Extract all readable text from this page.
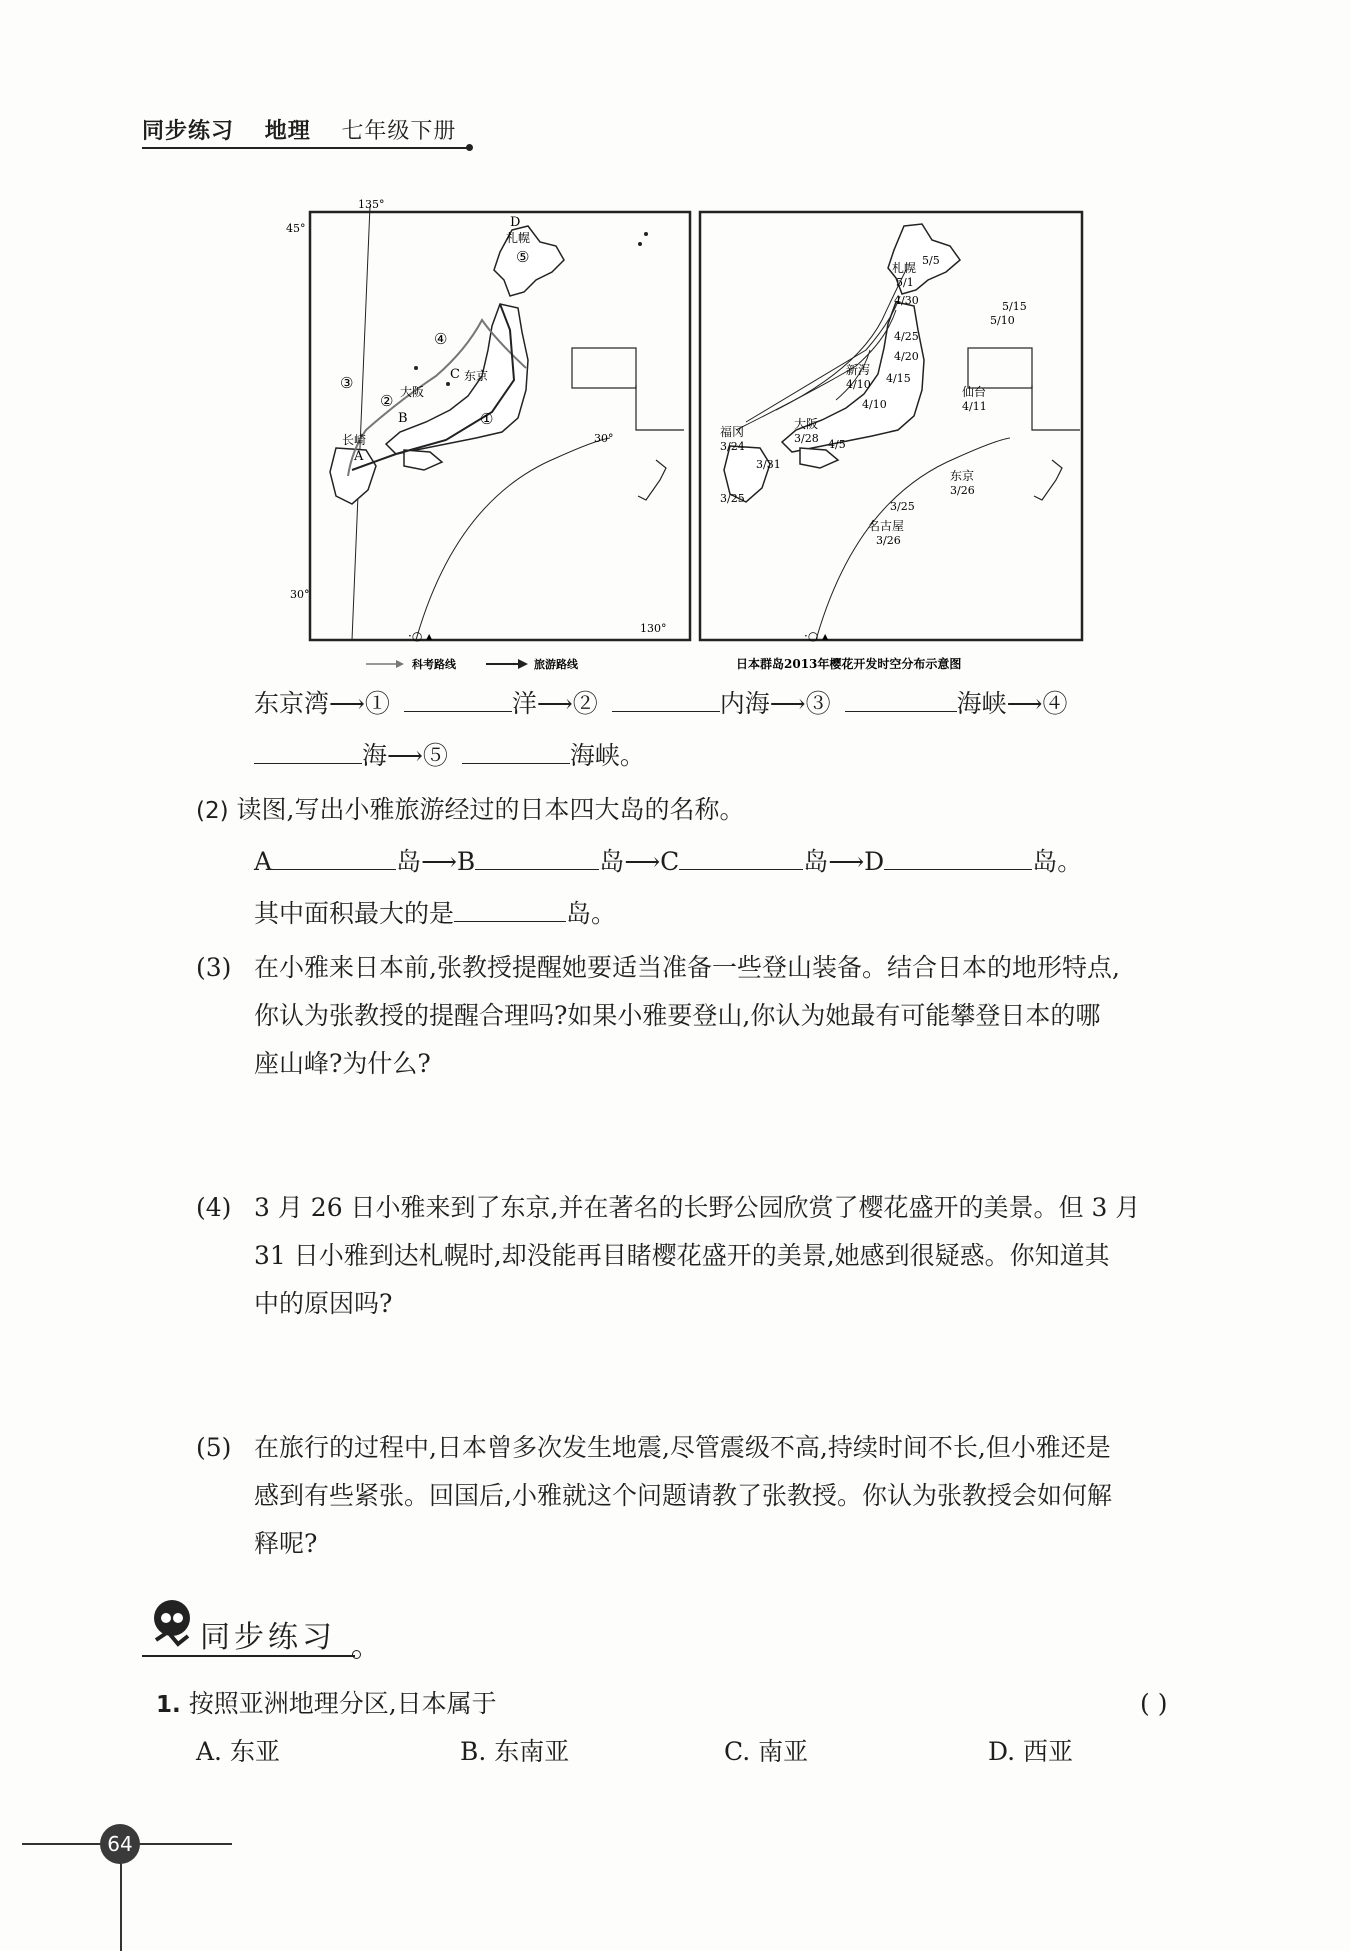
同步练习 地理 七年级下册
135°
45°
30°
30°
130°
·○ ▴
D
札幌
C 东京
大阪
B
长崎
A
①
②
③
④
⑤
科考路线	旅游路线
·○ ▴
札幌
5/1
5/5
4/30	5/15
5/10
4/25
4/20
新泻
4/10 4/15
仙台
4/11
4/10
福冈
3/24
大阪
3/28 4/5
3/31
东京
3/26
3/25
3/25
名古屋
3/26
日本群岛2013年樱花开发时空分布示意图
东京湾⟶①	洋⟶②	内海⟶③	海峡⟶④
海⟶⑤	海峡。
(2) 读图,写出小雅旅游经过的日本四大岛的名称。
A	岛⟶B	岛⟶C	岛⟶D	岛。
其中面积最大的是	岛。
(3) 在小雅来日本前,张教授提醒她要适当准备一些登山装备。结合日本的地形特点,
你认为张教授的提醒合理吗?如果小雅要登山,你认为她最有可能攀登日本的哪
座山峰?为什么?
(4) 3 月 26 日小雅来到了东京,并在著名的长野公园欣赏了樱花盛开的美景。但 3 月
31 日小雅到达札幌时,却没能再目睹樱花盛开的美景,她感到很疑惑。你知道其
中的原因吗?
(5) 在旅行的过程中,日本曾多次发生地震,尽管震级不高,持续时间不长,但小雅还是
感到有些紧张。回国后,小雅就这个问题请教了张教授。你认为张教授会如何解
释呢?
同步练习
1. 按照亚洲地理分区,日本属于	( )
A. 东亚	B. 东南亚	C. 南亚	D. 西亚
64
